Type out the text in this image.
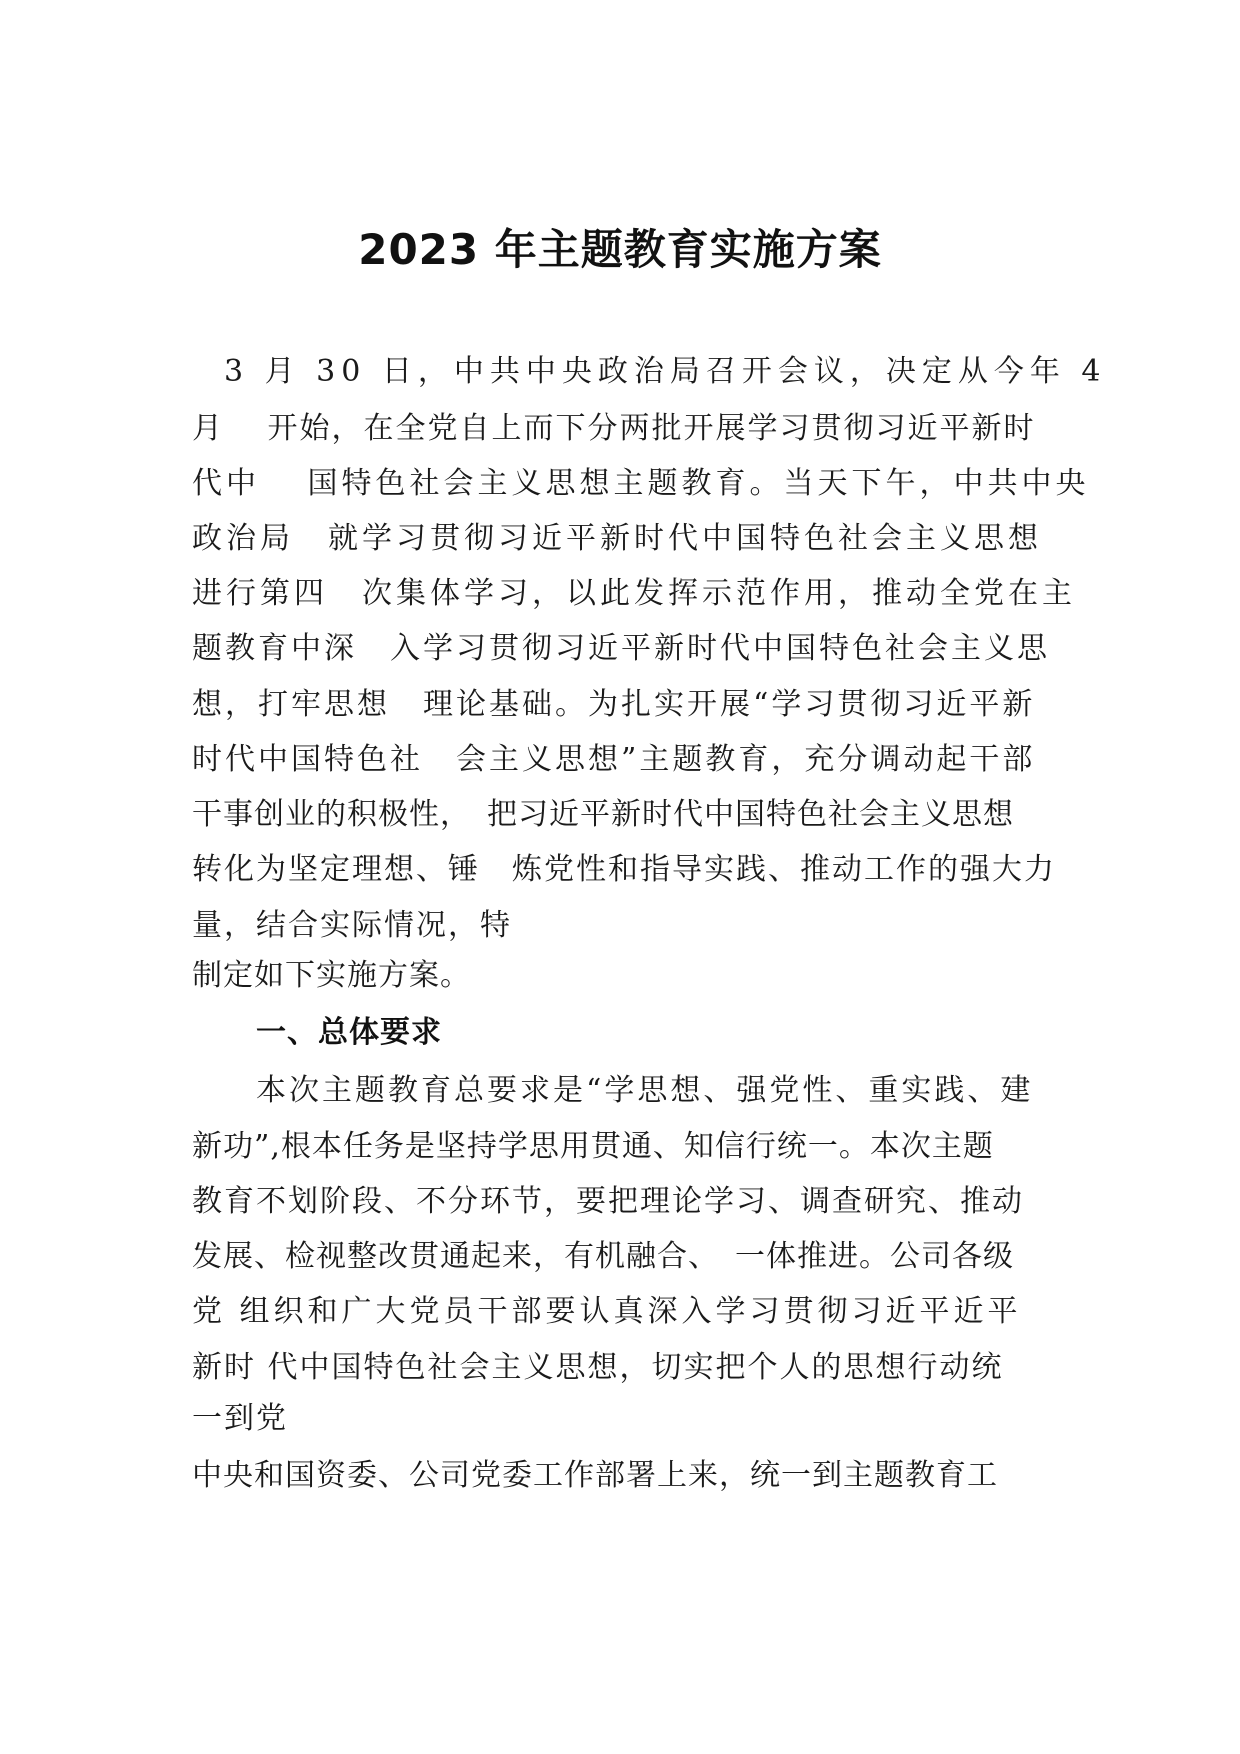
2023 年主题教育实施方案
3 月 30 日，中共中央政治局召开会议，决定从今年 4
月　 开始，在全党自上而下分两批开展学习贯彻习近平新时
代中　 国特色社会主义思想主题教育。当天下午，中共中央
政治局　就学习贯彻习近平新时代中国特色社会主义思想
进行第四　次集体学习，以此发挥示范作用，推动全党在主
题教育中深　入学习贯彻习近平新时代中国特色社会主义思
想，打牢思想　理论基础。为扎实开展“学习贯彻习近平新
时代中国特色社　会主义思想”主题教育，充分调动起干部
干事创业的积极性，　把习近平新时代中国特色社会主义思想
转化为坚定理想、锤　炼党性和指导实践、推动工作的强大力
量，结合实际情况，特
制定如下实施方案。
一、总体要求
本次主题教育总要求是“学思想、强党性、重实践、建
新功”,根本任务是坚持学思用贯通、知信行统一。本次主题
教育不划阶段、不分环节，要把理论学习、调查研究、推动
发展、检视整改贯通起来，有机融合、　一体推进。公司各级
党 组织和广大党员干部要认真深入学习贯彻习近平近平
新时 代中国特色社会主义思想，切实把个人的思想行动统
一到党
中央和国资委、公司党委工作部署上来，统一到主题教育工
